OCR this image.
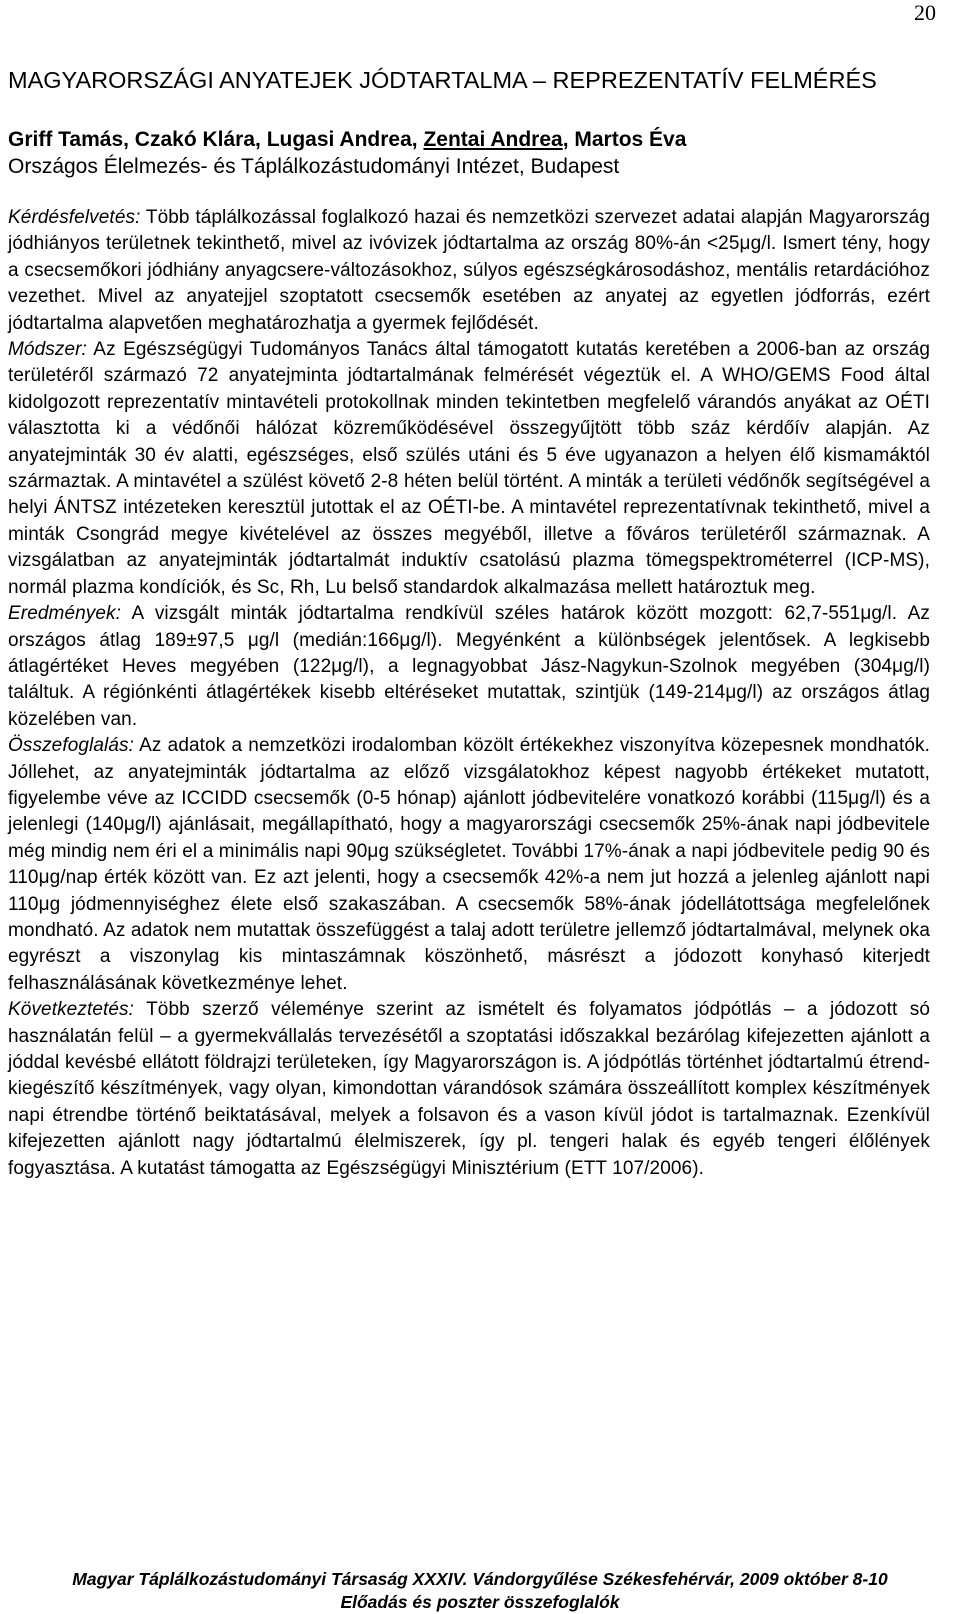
20
MAGYARORSZÁGI ANYATEJEK JÓDTARTALMA – REPREZENTATÍV FELMÉRÉS
Griff Tamás, Czakó Klára, Lugasi Andrea, Zentai Andrea, Martos Éva
Országos Élelmezés- és Táplálkozástudományi Intézet, Budapest

Kérdésfelvetés: Több táplálkozással foglalkozó hazai és nemzetközi szervezet adatai alapján Magyarország jódhiányos területnek tekinthető, mivel az ivóvizek jódtartalma az ország 80%-án <25μg/l. Ismert tény, hogy a csecsemőkori jódhiány anyagcsere-változásokhoz, súlyos egészségkárosodáshoz, mentális retardációhoz vezethet. Mivel az anyatejjel szoptatott csecsemők esetében az anyatej az egyetlen jódforrás, ezért jódtartalma alapvetően meghatározhatja a gyermek fejlődését.

Módszer: Az Egészségügyi Tudományos Tanács által támogatott kutatás keretében a 2006-ban az ország területéről származó 72 anyatejminta jódtartalmának felmérését végeztük el. A WHO/GEMS Food által kidolgozott reprezentatív mintavételi protokollnak minden tekintetben megfelelő várandós anyákat az OÉTI választotta ki a védőnői hálózat közreműködésével összegyűjtött több száz kérdőív alapján. Az anyatejminták 30 év alatti, egészséges, első szülés utáni és 5 éve ugyanazon a helyen élő kismamáktól származtak. A mintavétel a szülést követő 2-8 héten belül történt. A minták a területi védőnők segítségével a helyi ÁNTSZ intézeteken keresztül jutottak el az OÉTI-be. A mintavétel reprezentatívnak tekinthető, mivel a minták Csongrád megye kivételével az összes megyéből, illetve a főváros területéről származnak. A vizsgálatban az anyatejminták jódtartalmát induktív csatolású plazma tömegspektrométerrel (ICP-MS), normál plazma kondíciók, és Sc, Rh, Lu belső standardok alkalmazása mellett határoztuk meg.

Eredmények: A vizsgált minták jódtartalma rendkívül széles határok között mozgott: 62,7-551μg/l. Az országos átlag 189±97,5 μg/l (medián:166μg/l). Megyénként a különbségek jelentősek. A legkisebb átlagértéket Heves megyében (122μg/l), a legnagyobbat Jász-Nagykun-Szolnok megyében (304μg/l) találtuk. A régiónkénti átlagértékek kisebb eltéréseket mutattak, szintjük (149-214μg/l) az országos átlag közelében van.

Összefoglalás: Az adatok a nemzetközi irodalomban közölt értékekhez viszonyítva közepesnek mondhatók. Jóllehet, az anyatejminták jódtartalma az előző vizsgálatokhoz képest nagyobb értékeket mutatott, figyelembe véve az ICCIDD csecsemők (0-5 hónap) ajánlott jódbevitelére vonatkozó korábbi (115μg/l) és a jelenlegi (140μg/l) ajánlásait, megállapítható, hogy a magyarországi csecsemők 25%-ának napi jódbevitele még mindig nem éri el a minimális napi 90μg szükségletet. További 17%-ának a napi jódbevitele pedig 90 és 110μg/nap érték között van. Ez azt jelenti, hogy a csecsemők 42%-a nem jut hozzá a jelenleg ajánlott napi 110μg jódmennyiséghez élete első szakaszában. A csecsemők 58%-ának jódellátottsága megfelelőnek mondható. Az adatok nem mutattak összefüggést a talaj adott területre jellemző jódtartalmával, melynek oka egyrészt a viszonylag kis mintaszámnak köszönhető, másrészt a jódozott konyhasó kiterjedt felhasználásának következménye lehet.

Következtetés: Több szerző véleménye szerint az ismételt és folyamatos jódpótlás – a jódozott só használatán felül – a gyermekvállalás tervezésétől a szoptatási időszakkal bezárólag kifejezetten ajánlott a jóddal kevésbé ellátott földrajzi területeken, így Magyarországon is. A jódpótlás történhet jódtartalmú étrend-kiegészítő készítmények, vagy olyan, kimondottan várandósok számára összeállított komplex készítmények napi étrendbe történő beiktatásával, melyek a folsavon és a vason kívül jódot is tartalmaznak. Ezenkívül kifejezetten ajánlott nagy jódtartalmú élelmiszerek, így pl. tengeri halak és egyéb tengeri élőlények fogyasztása. A kutatást támogatta az Egészségügyi Minisztérium (ETT 107/2006).

Magyar Táplálkozástudományi Társaság XXXIV. Vándorgyűlése Székesfehérvár, 2009 október 8-10
Előadás és poszter összefoglalók
